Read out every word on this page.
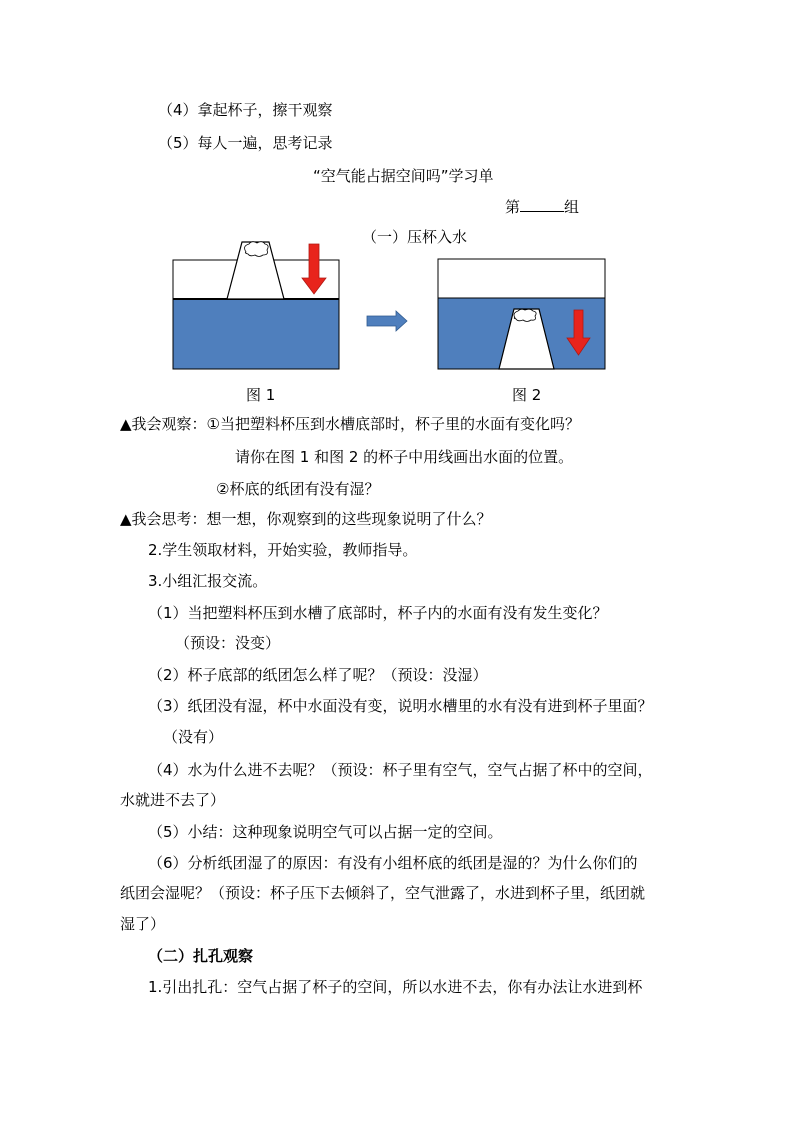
（4）拿起杯子，擦干观察
（5）每人一遍，思考记录
“空气能占据空间吗”学习单
第	组
（一）压杯入水
图 1	图 2
▲我会观察：①当把塑料杯压到水槽底部时，杯子里的水面有变化吗？
请你在图 1 和图 2 的杯子中用线画出水面的位置。
②杯底的纸团有没有湿？
▲我会思考：想一想，你观察到的这些现象说明了什么？
2.学生领取材料，开始实验，教师指导。
3.小组汇报交流。
（1）当把塑料杯压到水槽了底部时，杯子内的水面有没有发生变化？
（预设：没变）
（2）杯子底部的纸团怎么样了呢？（预设：没湿）
（3）纸团没有湿，杯中水面没有变，说明水槽里的水有没有进到杯子里面？
（没有）
（4）水为什么进不去呢？（预设：杯子里有空气，空气占据了杯中的空间，
水就进不去了）
（5）小结：这种现象说明空气可以占据一定的空间。
（6）分析纸团湿了的原因：有没有小组杯底的纸团是湿的？为什么你们的
纸团会湿呢？（预设：杯子压下去倾斜了，空气泄露了，水进到杯子里，纸团就
湿了）
（二）扎孔观察
1.引出扎孔：空气占据了杯子的空间，所以水进不去，你有办法让水进到杯
